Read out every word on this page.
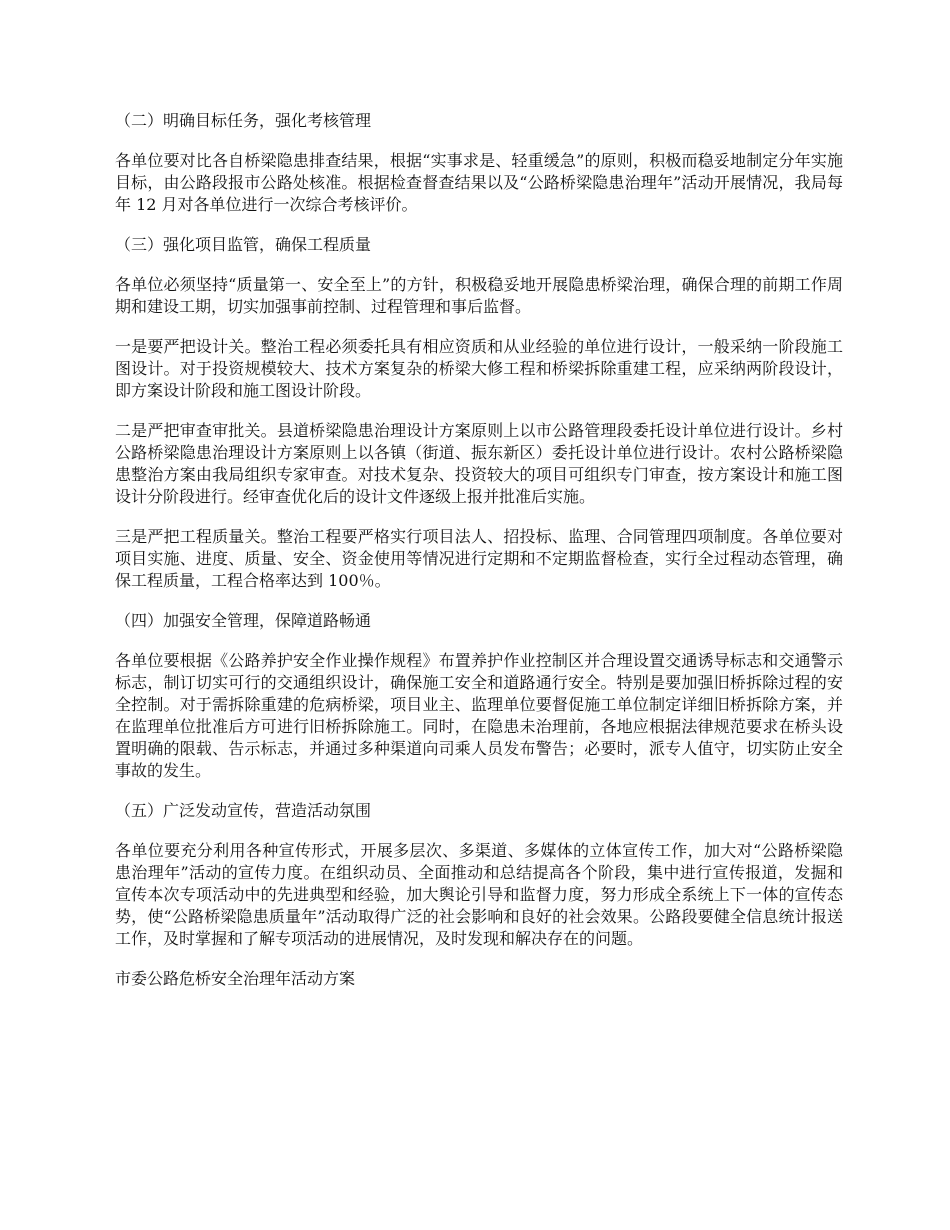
（二）明确目标任务，强化考核管理

各单位要对比各自桥梁隐患排查结果，根据“实事求是、轻重缓急”的原则，积极而稳妥地制定分年实施目标，由公路段报市公路处核准。根据检查督查结果以及“公路桥梁隐患治理年”活动开展情况，我局每年 12 月对各单位进行一次综合考核评价。

（三）强化项目监管，确保工程质量

各单位必须坚持“质量第一、安全至上”的方针，积极稳妥地开展隐患桥梁治理，确保合理的前期工作周期和建设工期，切实加强事前控制、过程管理和事后监督。

一是要严把设计关。整治工程必须委托具有相应资质和从业经验的单位进行设计，一般采纳一阶段施工图设计。对于投资规模较大、技术方案复杂的桥梁大修工程和桥梁拆除重建工程，应采纳两阶段设计，即方案设计阶段和施工图设计阶段。

二是严把审查审批关。县道桥梁隐患治理设计方案原则上以市公路管理段委托设计单位进行设计。乡村公路桥梁隐患治理设计方案原则上以各镇（街道、振东新区）委托设计单位进行设计。农村公路桥梁隐患整治方案由我局组织专家审查。对技术复杂、投资较大的项目可组织专门审查，按方案设计和施工图设计分阶段进行。经审查优化后的设计文件逐级上报并批准后实施。

三是严把工程质量关。整治工程要严格实行项目法人、招投标、监理、合同管理四项制度。各单位要对项目实施、进度、质量、安全、资金使用等情况进行定期和不定期监督检查，实行全过程动态管理，确保工程质量，工程合格率达到 100％。

（四）加强安全管理，保障道路畅通

各单位要根据《公路养护安全作业操作规程》布置养护作业控制区并合理设置交通诱导标志和交通警示标志，制订切实可行的交通组织设计，确保施工安全和道路通行安全。特别是要加强旧桥拆除过程的安全控制。对于需拆除重建的危病桥梁，项目业主、监理单位要督促施工单位制定详细旧桥拆除方案，并在监理单位批准后方可进行旧桥拆除施工。同时，在隐患未治理前，各地应根据法律规范要求在桥头设置明确的限载、告示标志，并通过多种渠道向司乘人员发布警告；必要时，派专人值守，切实防止安全事故的发生。

（五）广泛发动宣传，营造活动氛围

各单位要充分利用各种宣传形式，开展多层次、多渠道、多媒体的立体宣传工作，加大对“公路桥梁隐患治理年”活动的宣传力度。在组织动员、全面推动和总结提高各个阶段，集中进行宣传报道，发掘和宣传本次专项活动中的先进典型和经验，加大舆论引导和监督力度，努力形成全系统上下一体的宣传态势，使“公路桥梁隐患质量年”活动取得广泛的社会影响和良好的社会效果。公路段要健全信息统计报送工作，及时掌握和了解专项活动的进展情况，及时发现和解决存在的问题。

市委公路危桥安全治理年活动方案
